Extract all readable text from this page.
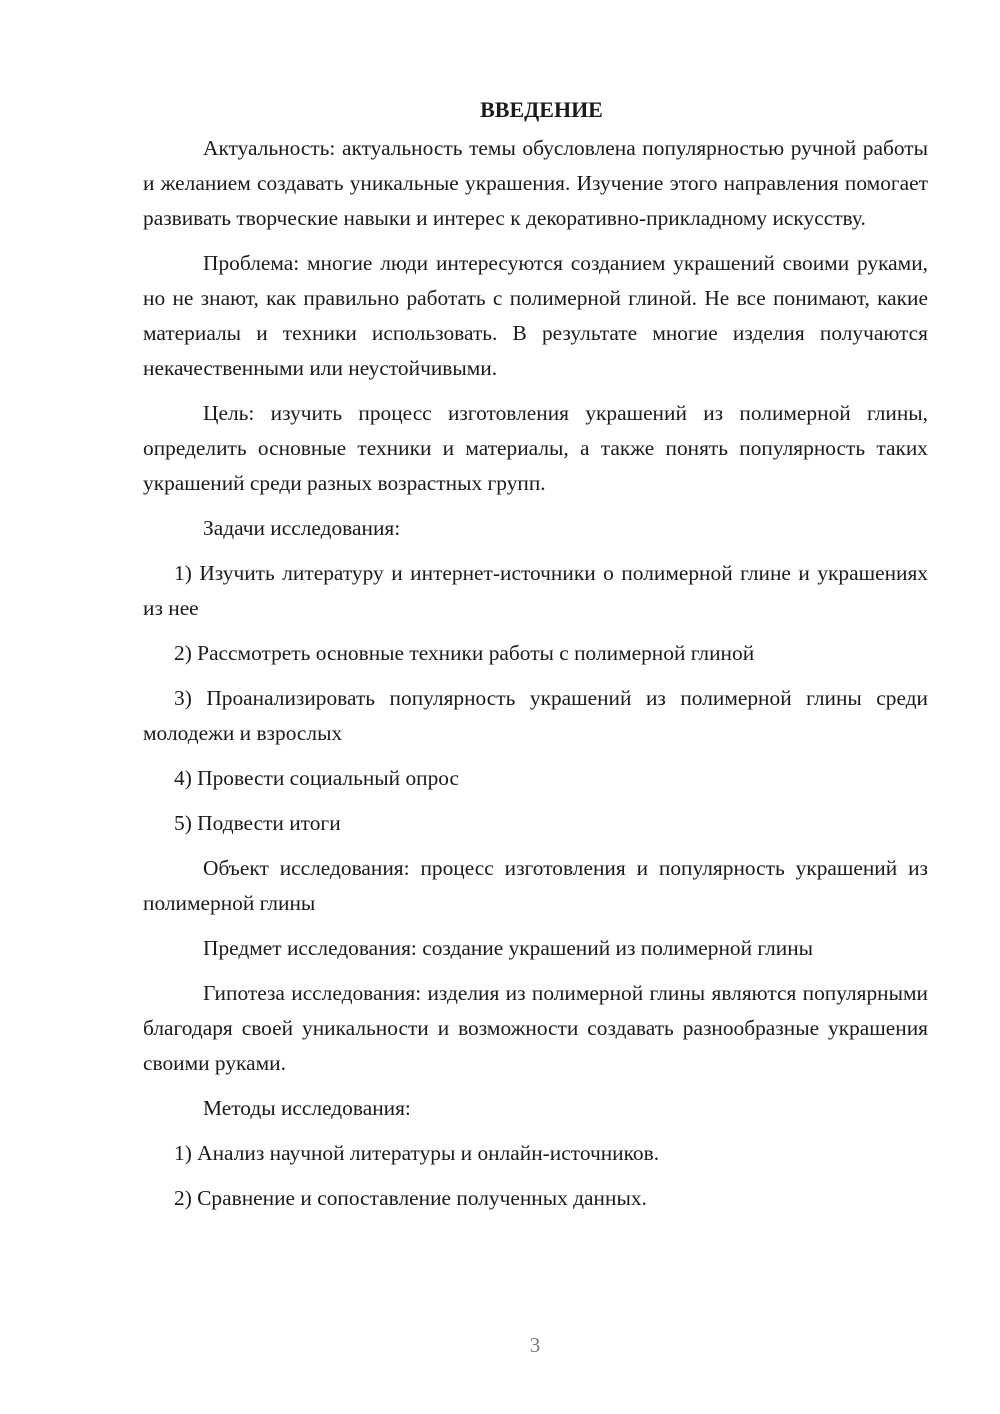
ВВЕДЕНИЕ

Актуальность: актуальность темы обусловлена популярностью ручной работы и желанием создавать уникальные украшения. Изучение этого направления помогает развивать творческие навыки и интерес к декоративно-прикладному искусству.

Проблема: многие люди интересуются созданием украшений своими руками, но не знают, как правильно работать с полимерной глиной. Не все понимают, какие материалы и техники использовать. В результате многие изделия получаются некачественными или неустойчивыми.

Цель: изучить процесс изготовления украшений из полимерной глины, определить основные техники и материалы, а также понять популярность таких украшений среди разных возрастных групп.

Задачи исследования:

1) Изучить литературу и интернет-источники о полимерной глине и украшениях из нее

2) Рассмотреть основные техники работы с полимерной глиной

3) Проанализировать популярность украшений из полимерной глины среди молодежи и взрослых

4) Провести социальный опрос

5) Подвести итоги

Объект исследования: процесс изготовления и популярность украшений из полимерной глины

Предмет исследования: создание украшений из полимерной глины

Гипотеза исследования: изделия из полимерной глины являются популярными благодаря своей уникальности и возможности создавать разнообразные украшения своими руками.

Методы исследования:

1) Анализ научной литературы и онлайн-источников.

2) Сравнение и сопоставление полученных данных.

3
